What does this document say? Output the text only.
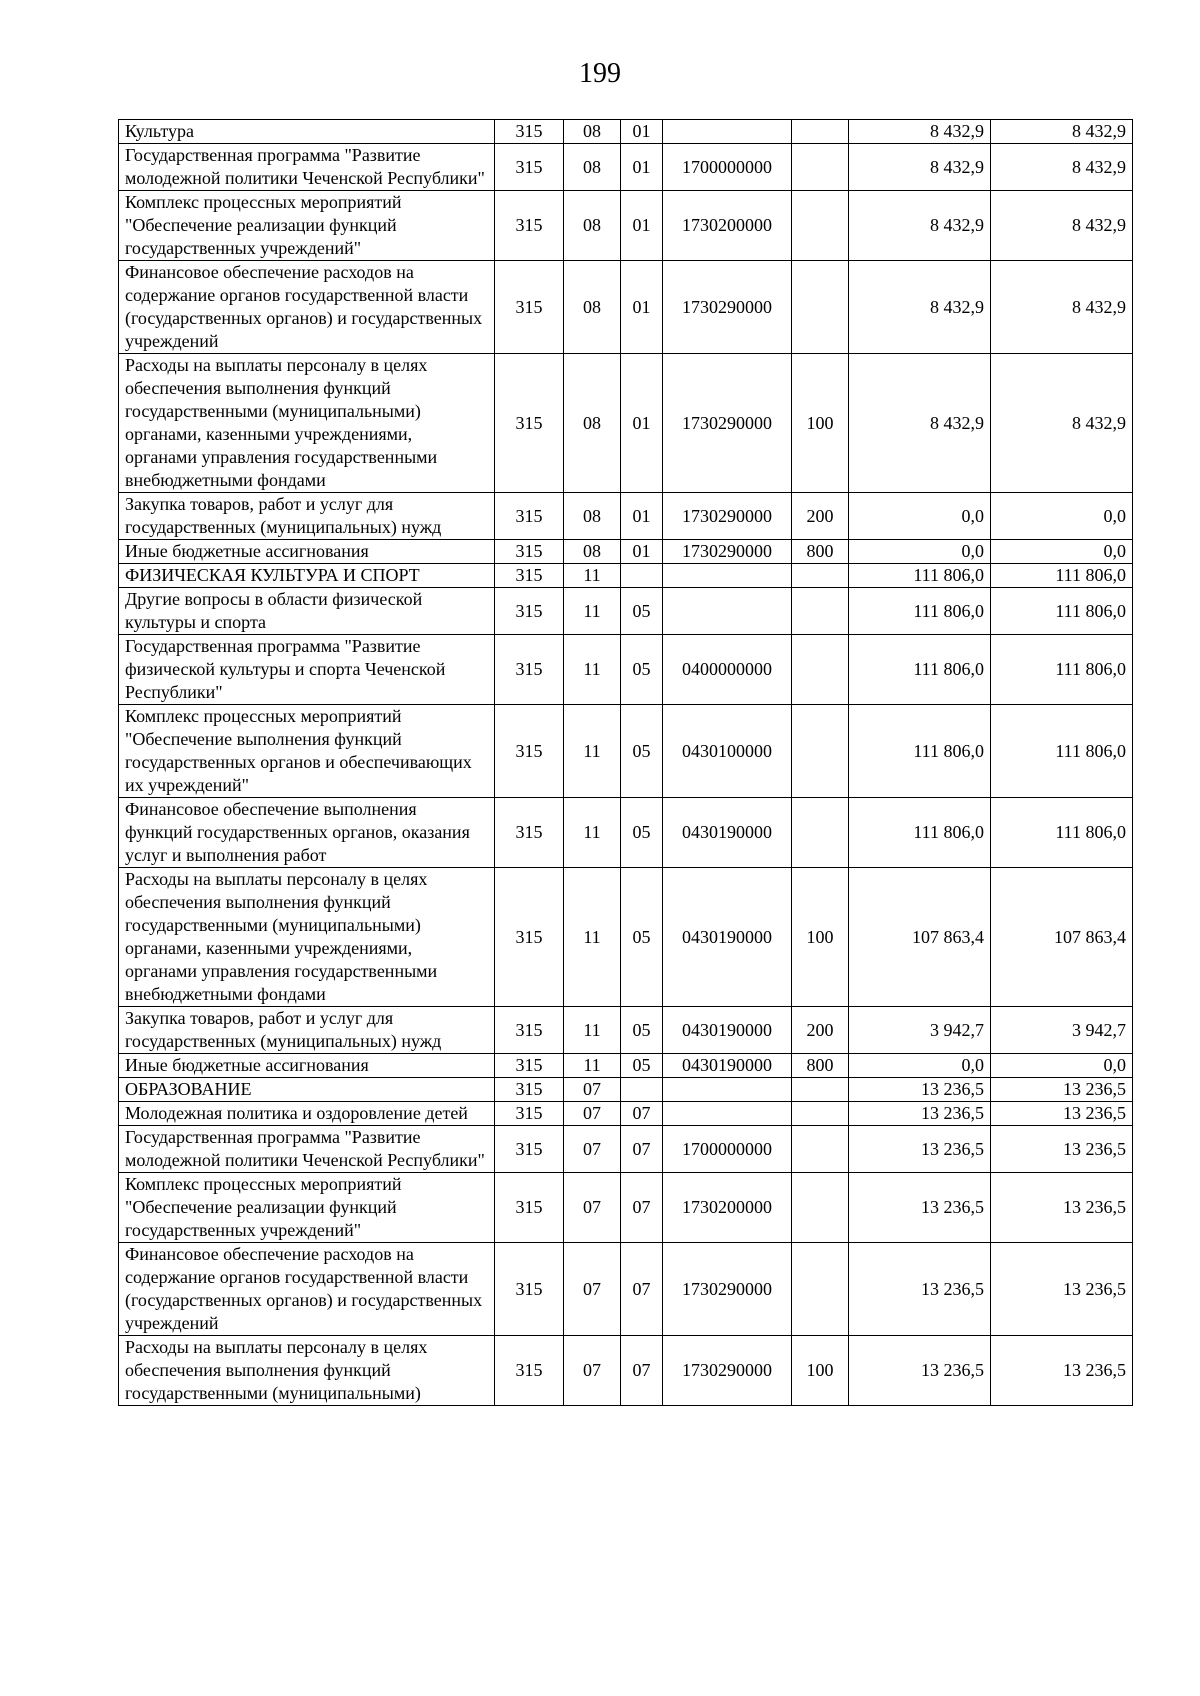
199
Культура	315	08	01			8 432,9	8 432,9
Государственная программа "Развитие молодежной политики Чеченской Республики"	315	08	01	1700000000		8 432,9	8 432,9
Комплекс процессных мероприятий "Обеспечение реализации функций государственных учреждений"	315	08	01	1730200000		8 432,9	8 432,9
Финансовое обеспечение расходов на содержание органов государственной власти (государственных органов) и государственных учреждений	315	08	01	1730290000		8 432,9	8 432,9
Расходы на выплаты персоналу в целях обеспечения выполнения функций государственными (муниципальными) органами, казенными учреждениями, органами управления государственными внебюджетными фондами	315	08	01	1730290000	100	8 432,9	8 432,9
Закупка товаров, работ и услуг для государственных (муниципальных) нужд	315	08	01	1730290000	200	0,0	0,0
Иные бюджетные ассигнования	315	08	01	1730290000	800	0,0	0,0
ФИЗИЧЕСКАЯ КУЛЬТУРА И СПОРТ	315	11				111 806,0	111 806,0
Другие вопросы в области физической культуры и спорта	315	11	05			111 806,0	111 806,0
Государственная программа "Развитие физической культуры и спорта Чеченской Республики"	315	11	05	0400000000		111 806,0	111 806,0
Комплекс процессных мероприятий "Обеспечение выполнения функций государственных органов и обеспечивающих их учреждений"	315	11	05	0430100000		111 806,0	111 806,0
Финансовое обеспечение выполнения функций государственных органов, оказания услуг и выполнения работ	315	11	05	0430190000		111 806,0	111 806,0
Расходы на выплаты персоналу в целях обеспечения выполнения функций государственными (муниципальными) органами, казенными учреждениями, органами управления государственными внебюджетными фондами	315	11	05	0430190000	100	107 863,4	107 863,4
Закупка товаров, работ и услуг для государственных (муниципальных) нужд	315	11	05	0430190000	200	3 942,7	3 942,7
Иные бюджетные ассигнования	315	11	05	0430190000	800	0,0	0,0
ОБРАЗОВАНИЕ	315	07				13 236,5	13 236,5
Молодежная политика и оздоровление детей	315	07	07			13 236,5	13 236,5
Государственная программа "Развитие молодежной политики Чеченской Республики"	315	07	07	1700000000		13 236,5	13 236,5
Комплекс процессных мероприятий "Обеспечение реализации функций государственных учреждений"	315	07	07	1730200000		13 236,5	13 236,5
Финансовое обеспечение расходов на содержание органов государственной власти (государственных органов) и государственных учреждений	315	07	07	1730290000		13 236,5	13 236,5
Расходы на выплаты персоналу в целях обеспечения выполнения функций государственными (муниципальными)	315	07	07	1730290000	100	13 236,5	13 236,5
